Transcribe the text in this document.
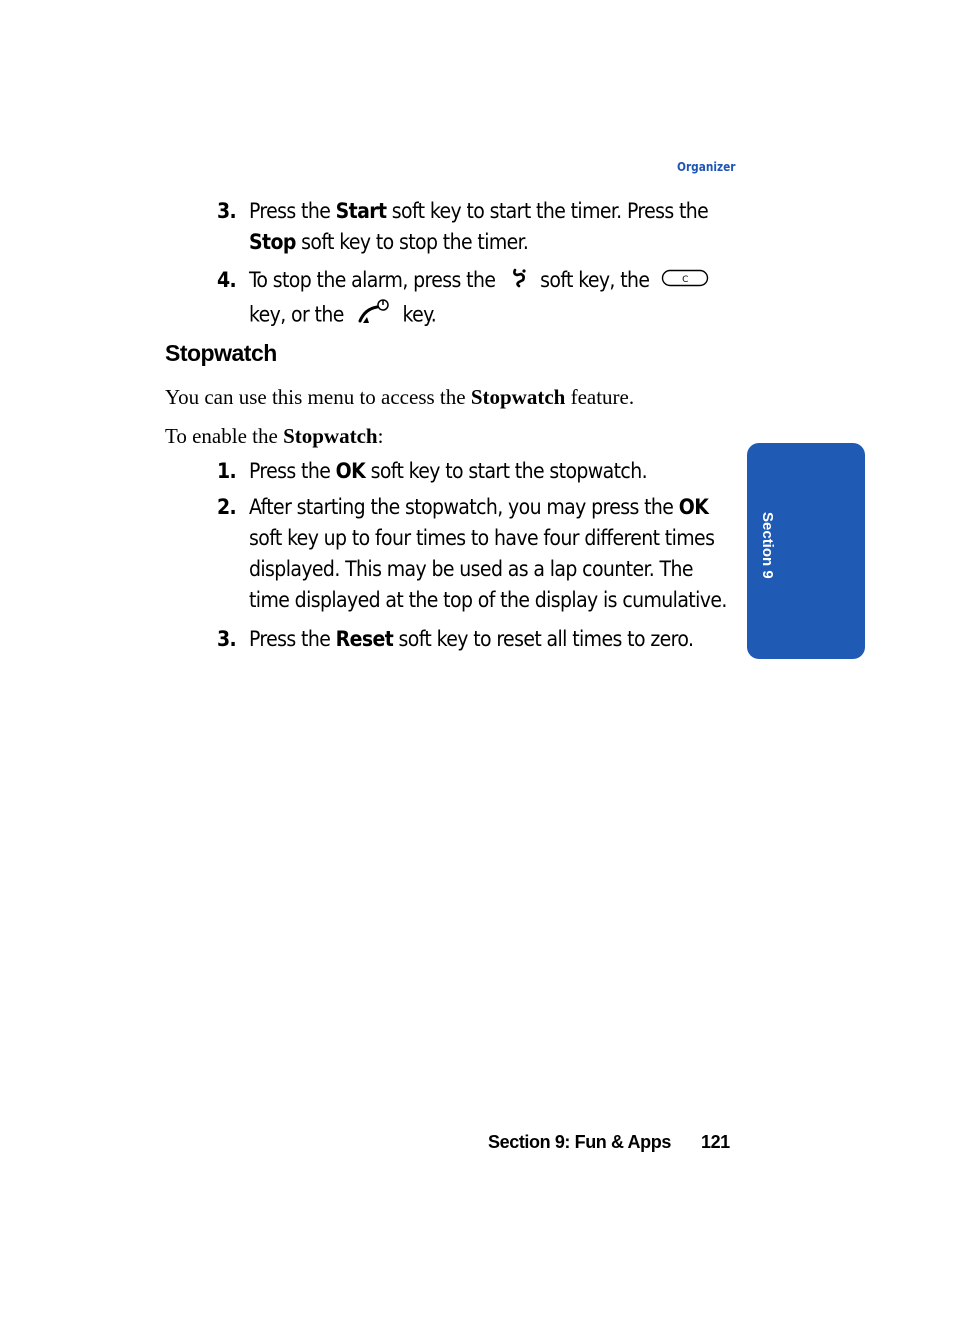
Organizer
3. Press the Start soft key to start the timer. Press the Stop soft key to stop the timer.
4. To stop the alarm, press the  soft key, the	C
key, or the  key.
Stopwatch
You can use this menu to access the Stopwatch feature.
To enable the Stopwatch:
1. Press the OK soft key to start the stopwatch.
2. After starting the stopwatch, you may press the OK soft key up to four times to have four different times displayed. This may be used as a lap counter. The time displayed at the top of the display is cumulative.
3. Press the Reset soft key to reset all times to zero.
Section 9
Section 9: Fun & Apps 121
